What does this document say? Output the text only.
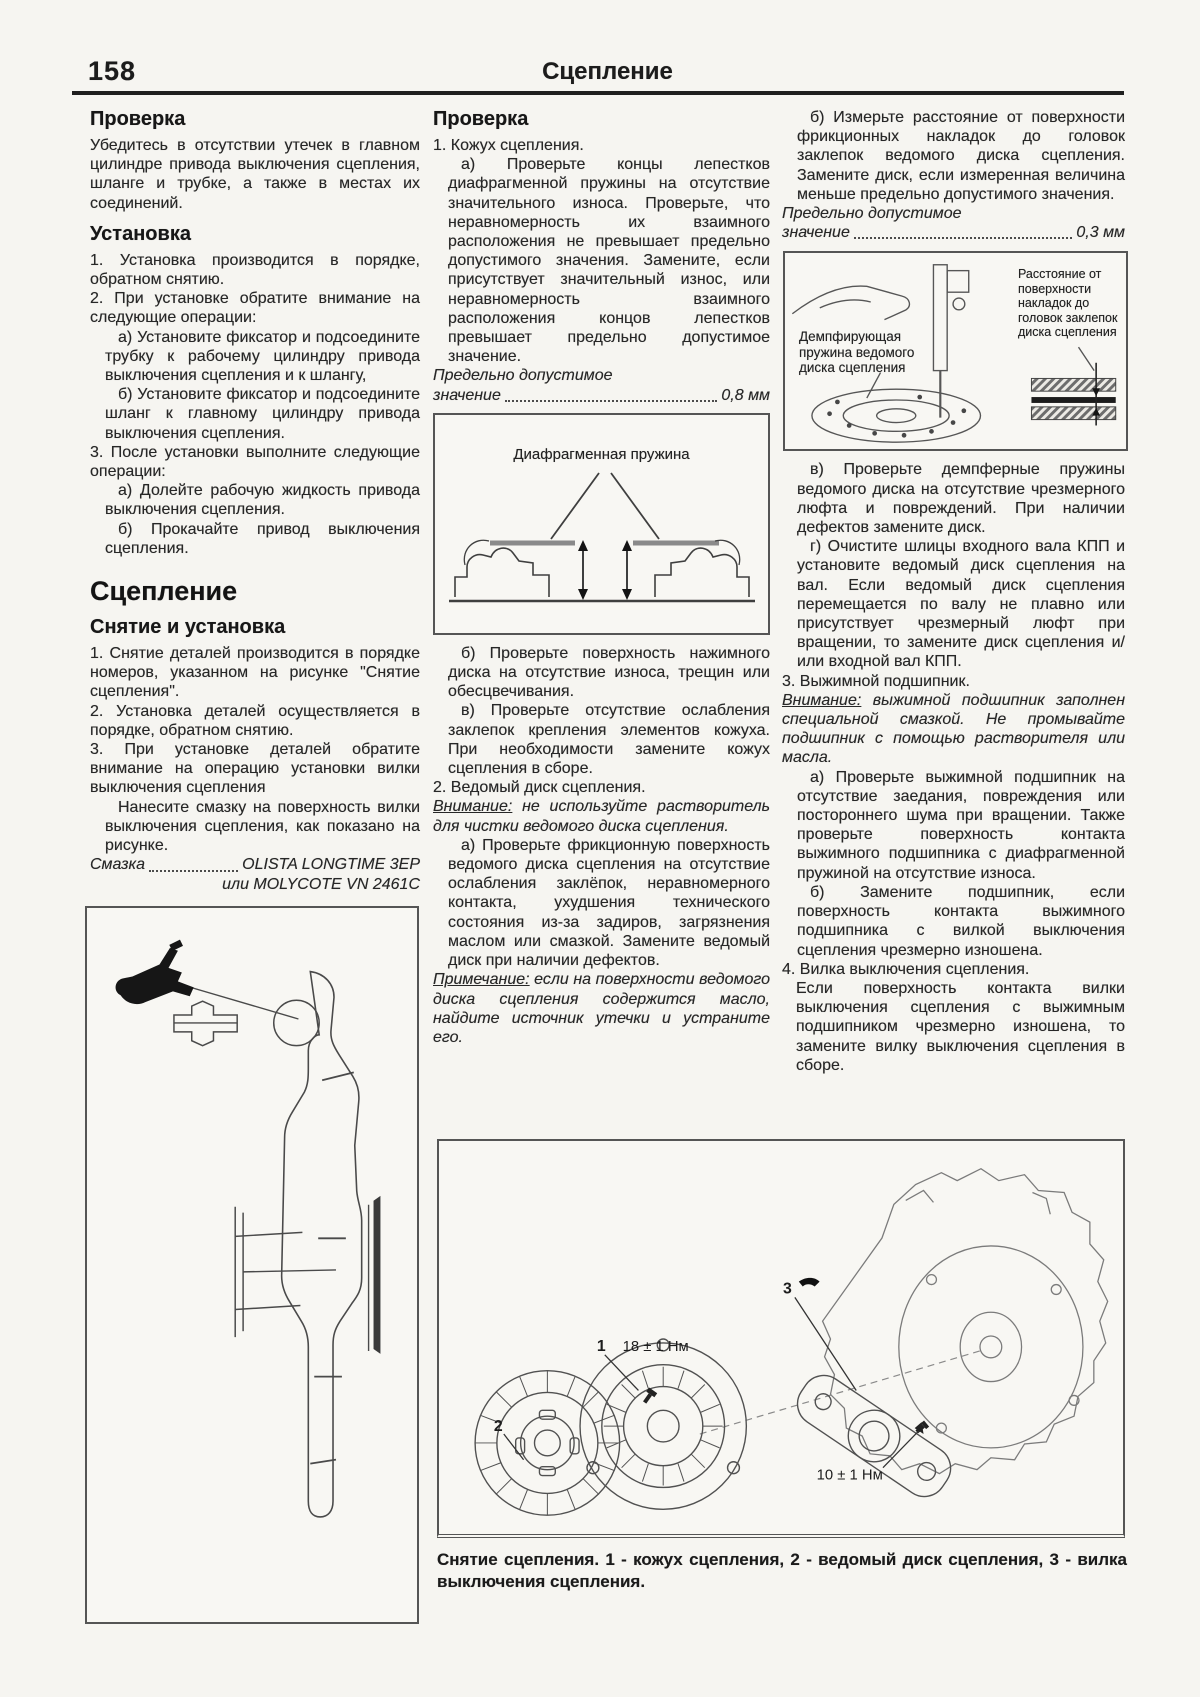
158	Сцепление
Проверка

Убедитесь в отсутствии утечек в главном цилиндре привода выключения сцепления, шланге и трубке, а также в местах их соединений.

Установка

1. Установка производится в порядке, обратном снятию.

2. При установке обратите внимание на следующие операции:

а) Установите фиксатор и подсоедините трубку к рабочему цилиндру привода выключения сцепления и к шлангу,

б) Установите фиксатор и подсоедините шланг к главному цилиндру привода выключения сцепления.

3. После установки выполните следующие операции:

а) Долейте рабочую жидкость привода выключения сцепления.

б) Прокачайте привод выключения сцепления.

Сцепление
Снятие и установка

1. Снятие деталей производится в порядке номеров, указанном на рисунке "Снятие сцепления".

2. Установка деталей осуществляется в порядке, обратном снятию.

3. При установке деталей обратите внимание на операцию установки вилки выключения сцепления

Нанесите смазку на поверхность вилки выключения сцепления, как показано на рисунке.

Смазка	OLISTA LONGTIME 3EP
или MOLYCOTE VN 2461C
Проверка

1. Кожух сцепления.

а) Проверьте концы лепестков диафрагменной пружины на отсутствие значительного износа. Проверьте, что неравномерность их взаимного расположения не превышает предельно допустимого значения. Замените, если присутствует значительный износ, или неравномерность взаимного расположения концов лепестков превышает предельно допустимое значение.

Предельно допустимое
значение	0,8 мм
Диафрагменная пружина

б) Проверьте поверхность нажимного диска на отсутствие износа, трещин или обесцвечивания.

в) Проверьте отсутствие ослабления заклепок крепления элементов кожуха. При необходимости замените кожух сцепления в сборе.

2. Ведомый диск сцепления.

Внимание: не используйте растворитель для чистки ведомого диска сцепления.

а) Проверьте фрикционную поверхность ведомого диска сцепления на отсутствие ослабления заклёпок, неравномерного контакта, ухудшения технического состояния из-за задиров, загрязнения маслом или смазкой. Замените ведомый диск при наличии дефектов.

Примечание: если на поверхности ведомого диска сцепления содержится масло, найдите источник утечки и устраните его.

б) Измерьте расстояние от поверхности фрикционных накладок до головок заклепок ведомого диска сцепления. Замените диск, если измеренная величина меньше предельно допустимого значения.

Предельно допустимое
значение	0,3 мм
Демпфирующая пружина ведомого диска сцепления
Расстояние от поверхности накладок до головок заклепок диска сцепления

в) Проверьте демпферные пружины ведомого диска на отсутствие чрезмерного люфта и повреждений. При наличии дефектов замените диск.

г) Очистите шлицы входного вала КПП и установите ведомый диск сцепления на вал. Если ведомый диск сцепления перемещается по валу не плавно или присутствует чрезмерный люфт при вращении, то замените диск сцепления и/или входной вал КПП.

3. Выжимной подшипник.

Внимание: выжимной подшипник заполнен специальной смазкой. Не промывайте подшипник с помощью растворителя или масла.

а) Проверьте выжимной подшипник на отсутствие заедания, повреждения или постороннего шума при вращении. Также проверьте поверхность контакта выжимного подшипника с диафрагменной пружиной на отсутствие износа.

б) Замените подшипник, если поверхность контакта выжимного подшипника с вилкой выключения сцепления чрезмерно изношена.

4. Вилка выключения сцепления.

Если поверхность контакта вилки выключения сцепления с выжимным подшипником чрезмерно изношена, то замените вилку выключения сцепления в сборе.

1 18 ± 1 Нм
2
3
10 ± 1 Нм
Снятие сцепления. 1 - кожух сцепления, 2 - ведомый диск сцепления, 3 - вилка выключения сцепления.
